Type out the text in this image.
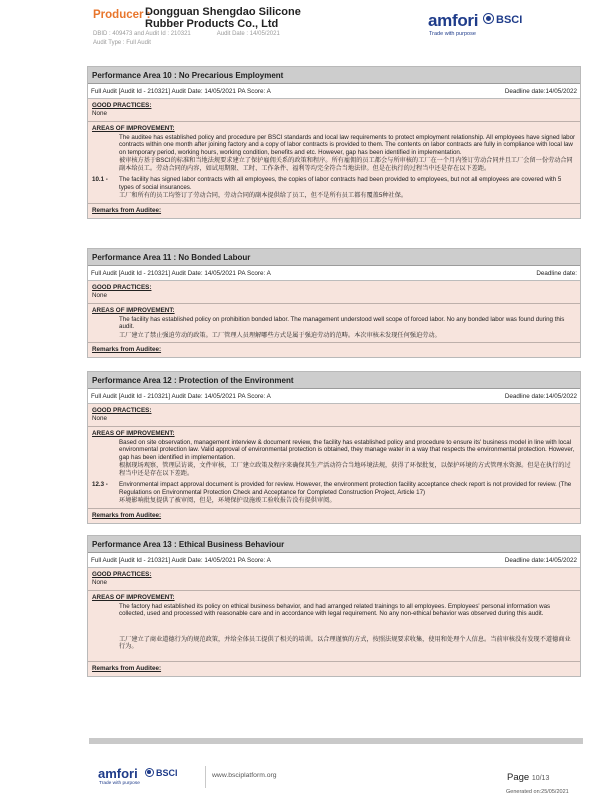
Producer :
Dongguan Shengdao Silicone
Rubber Products Co., Ltd
DBID : 409473 and Audit Id : 210321	Audit Date : 14/05/2021
Audit Type : Full Audit
amfori BSCI
Trade with purpose
Performance Area 10 : No Precarious Employment
Full Audit [Audit Id - 210321] Audit Date: 14/05/2021 PA Score: A	Deadline date:14/05/2022
GOOD PRACTICES:
None
AREAS OF IMPROVEMENT:
The auditee has established policy and procedure per BSCI standards and local law requirements to protect employment relationship. All employees have signed labor contracts within one month after joining factory and a copy of labor contracts is provided to them. The contents on labor contracts are fully in compliance with local law on temporary period, working hours, working condition, benefits and etc. However, gap has been identified in implementation.
被审核方基于BSCI的标准和当地法规要求建立了保护雇佣关系的政策和程序。所有雇佣的员工都会与所审核的工厂在一个月内签订劳动合同并且工厂会留一份劳动合同副本给员工。劳动合同的内容，如试用期限、工时、工作条件、福利等均完全符合当地法律。但是在执行的过程当中还是存在以下差距。
10.1 - The facility has signed labor contracts with all employees, the copies of labor contracts had been provided to employees, but not all employees are covered with 5 types of social insurances.
工厂和所有的员工均签订了劳动合同，劳动合同的副本提供给了员工，但不是所有员工都有覆盖5种社保。
Remarks from Auditee:
Performance Area 11 : No Bonded Labour
Full Audit [Audit Id - 210321] Audit Date: 14/05/2021 PA Score: A	Deadline date:
GOOD PRACTICES:
None
AREAS OF IMPROVEMENT:
The facility has established policy on prohibition bonded labor. The management understood well scope of forced labor. No any bonded labor was found during this audit.
工厂建立了禁止强迫劳动的政策。工厂管理人员理解哪些方式是属于强迫劳动的范畴。本次审核未发现任何强迫劳动。
Remarks from Auditee:
Performance Area 12 : Protection of the Environment
Full Audit [Audit Id - 210321] Audit Date: 14/05/2021 PA Score: A	Deadline date:14/05/2022
GOOD PRACTICES:
None
AREAS OF IMPROVEMENT:
Based on site observation, management interview & document review, the facility has established policy and procedure to ensure its' business model in line with local environmental protection law. Valid approval of environmental protection is obtained, they manage water in a way that respects the environmental protection. However, gap has been identified in implementation.
根据现场观察，管理层访谈，文件审核，工厂建立政策及程序来确保其生产活动符合当地环境法规，获得了环保批复，以保护环境的方式管理水资源。但是在执行的过程当中还是存在以下差距。
12.3 - Environmental impact approval document is provided for review. However, the environment protection facility acceptance check report is not provided for review. (The Regulations on Environmental Protection Check and Acceptance for Completed Construction Project, Article 17)
环境影响批复提供了被审阅，但是，环境保护设施竣工验收报告没有提供审阅。
Remarks from Auditee:
Performance Area 13 : Ethical Business Behaviour
Full Audit [Audit Id - 210321] Audit Date: 14/05/2021 PA Score: A	Deadline date:14/05/2022
GOOD PRACTICES:
None
AREAS OF IMPROVEMENT:
The factory had established its policy on ethical business behavior, and had arranged related trainings to all employees. Employees' personal information was collected, used and processed with reasonable care and in accordance with legal requirement. No any non-ethical behavior was observed during this audit.
工厂建立了商业道德行为的规范政策，并给全体员工提供了相关的培训。以合理谨慎的方式，按照法规要求收集，使用和处理个人信息。当前审核没有发现不道德商业行为。
Remarks from Auditee:
amfori BSCI
Trade with purpose
www.bsciplatform.org	Page 10/13
Generated on:25/05/2021
